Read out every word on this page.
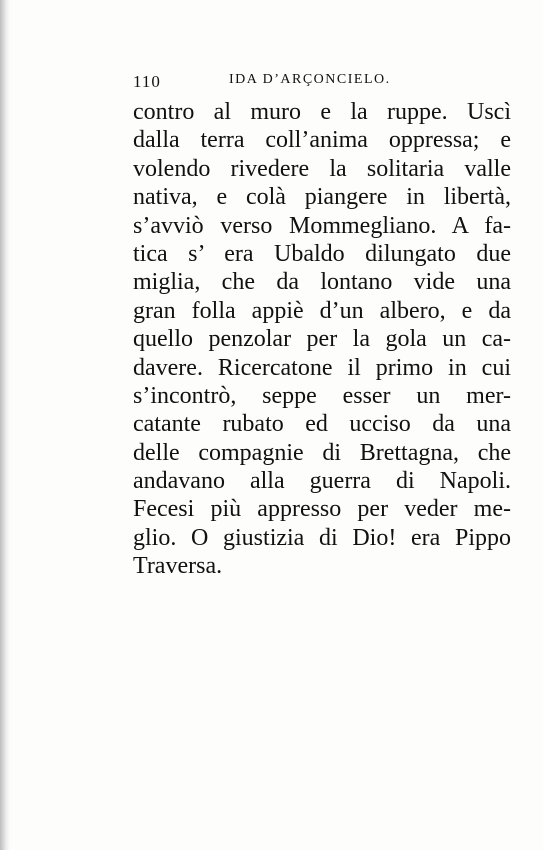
110	IDA D’ARÇONCIELO.
contro al muro e la ruppe. Uscì
dalla terra coll’anima oppressa; e
volendo rivedere la solitaria valle
nativa, e colà piangere in libertà,
s’avviò verso Mommegliano. A fa-
tica s’ era Ubaldo dilungato due
miglia, che da lontano vide una
gran folla appiè d’un albero, e da
quello penzolar per la gola un ca-
davere. Ricercatone il primo in cui
s’incontrò, seppe esser un mer-
catante rubato ed ucciso da una
delle compagnie di Brettagna, che
andavano alla guerra di Napoli.
Fecesi più appresso per veder me-
glio. O giustizia di Dio! era Pippo
Traversa.
